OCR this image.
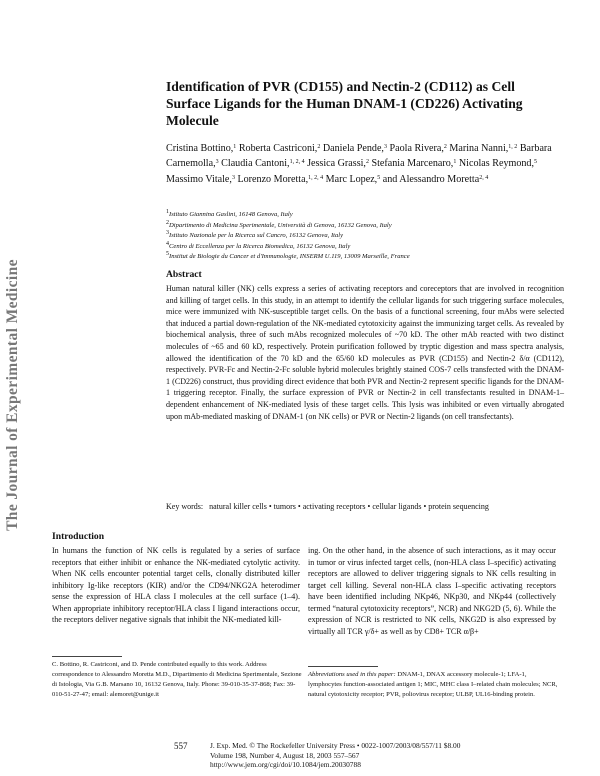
The Journal of Experimental Medicine
Identification of PVR (CD155) and Nectin-2 (CD112) as Cell Surface Ligands for the Human DNAM-1 (CD226) Activating Molecule

Cristina Bottino,$^1$ Roberta Castriconi,$^2$ Daniela Pende,$^3$ Paola Rivera,$^2$ Marina Nanni,$^{1, 2}$ Barbara Carnemolla,$^3$ Claudia Cantoni,$^{1, 2, 4}$ Jessica Grassi,$^2$ Stefania Marcenaro,$^1$ Nicolas Reymond,$^5$ Massimo Vitale,$^3$ Lorenzo Moretta,$^{1, 2, 4}$ Marc Lopez,$^5$ and Alessandro Moretta$^{2, 4}$

$^1$Istituto Giannina Gaslini, 16148 Genova, Italy
$^2$Dipartimento di Medicina Sperimentale, Università di Genova, 16132 Genova, Italy
$^3$Istituto Nazionale per la Ricerca sul Cancro, 16132 Genova, Italy
$^4$Centro di Eccellenza per la Ricerca Biomedica, 16132 Genova, Italy
$^5$Institut de Biologie du Cancer et d'Immunologie, INSERM U.119, 13009 Marseille, France
Abstract

Human natural killer (NK) cells express a series of activating receptors and coreceptors that are involved in recognition and killing of target cells. In this study, in an attempt to identify the cellular ligands for such triggering surface molecules, mice were immunized with NK-susceptible target cells. On the basis of a functional screening, four mAbs were selected that induced a partial down-regulation of the NK-mediated cytotoxicity against the immunizing target cells. As revealed by biochemical analysis, three of such mAbs recognized molecules of ~70 kD. The other mAb reacted with two distinct molecules of ~65 and 60 kD, respectively. Protein purification followed by tryptic digestion and mass spectra analysis, allowed the identification of the 70 kD and the 65/60 kD molecules as PVR (CD155) and Nectin-2 δ/α (CD112), respectively. PVR-Fc and Nectin-2-Fc soluble hybrid molecules brightly stained COS-7 cells transfected with the DNAM-1 (CD226) construct, thus providing direct evidence that both PVR and Nectin-2 represent specific ligands for the DNAM-1 triggering receptor. Finally, the surface expression of PVR or Nectin-2 in cell transfectants resulted in DNAM-1–dependent enhancement of NK-mediated lysis of these target cells. This lysis was inhibited or even virtually abrogated upon mAb-mediated masking of DNAM-1 (on NK cells) or PVR or Nectin-2 ligands (on cell transfectants).

Key words: natural killer cells • tumors • activating receptors • cellular ligands • protein sequencing

Introduction

In humans the function of NK cells is regulated by a series of surface receptors that either inhibit or enhance the NK-mediated cytolytic activity. When NK cells encounter potential target cells, clonally distributed killer inhibitory Ig-like receptors (KIR) and/or the CD94/NKG2A heterodimer sense the expression of HLA class I molecules at the cell surface (1–4). When appropriate inhibitory receptor/HLA class I ligand interactions occur, the receptors deliver negative signals that inhibit the NK-mediated kill-

ing. On the other hand, in the absence of such interactions, as it may occur in tumor or virus infected target cells, (non-HLA class I–specific) activating receptors are allowed to deliver triggering signals to NK cells resulting in target cell killing. Several non-HLA class I–specific activating receptors have been identified including NKp46, NKp30, and NKp44 (collectively termed “natural cytotoxicity receptors”, NCR) and NKG2D (5, 6). While the expression of NCR is restricted to NK cells, NKG2D is also expressed by virtually all TCR γ/δ+ as well as by CD8+ TCR α/β+

C. Bottino, R. Castriconi, and D. Pende contributed equally to this work. Address correspondence to Alessandro Moretta M.D., Dipartimento di Medicina Sperimentale, Sezione di Istologia, Via G.B. Marsano 10, 16132 Genova, Italy. Phone: 39-010-35-37-868; Fax: 39-010-51-27-47; email: alemoret@unige.it

Abbreviations used in this paper: DNAM-1, DNAX accessory molecule-1; LFA-1, lymphocytes function-associated antigen 1; MIC, MHC class I–related chain molecules; NCR, natural cytotoxicity receptor; PVR, poliovirus receptor; ULBP, UL16-binding protein.

557	J. Exp. Med. © The Rockefeller University Press • 0022-1007/2003/08/557/11 $8.00
Volume 198, Number 4, August 18, 2003 557–567
http://www.jem.org/cgi/doi/10.1084/jem.20030788
